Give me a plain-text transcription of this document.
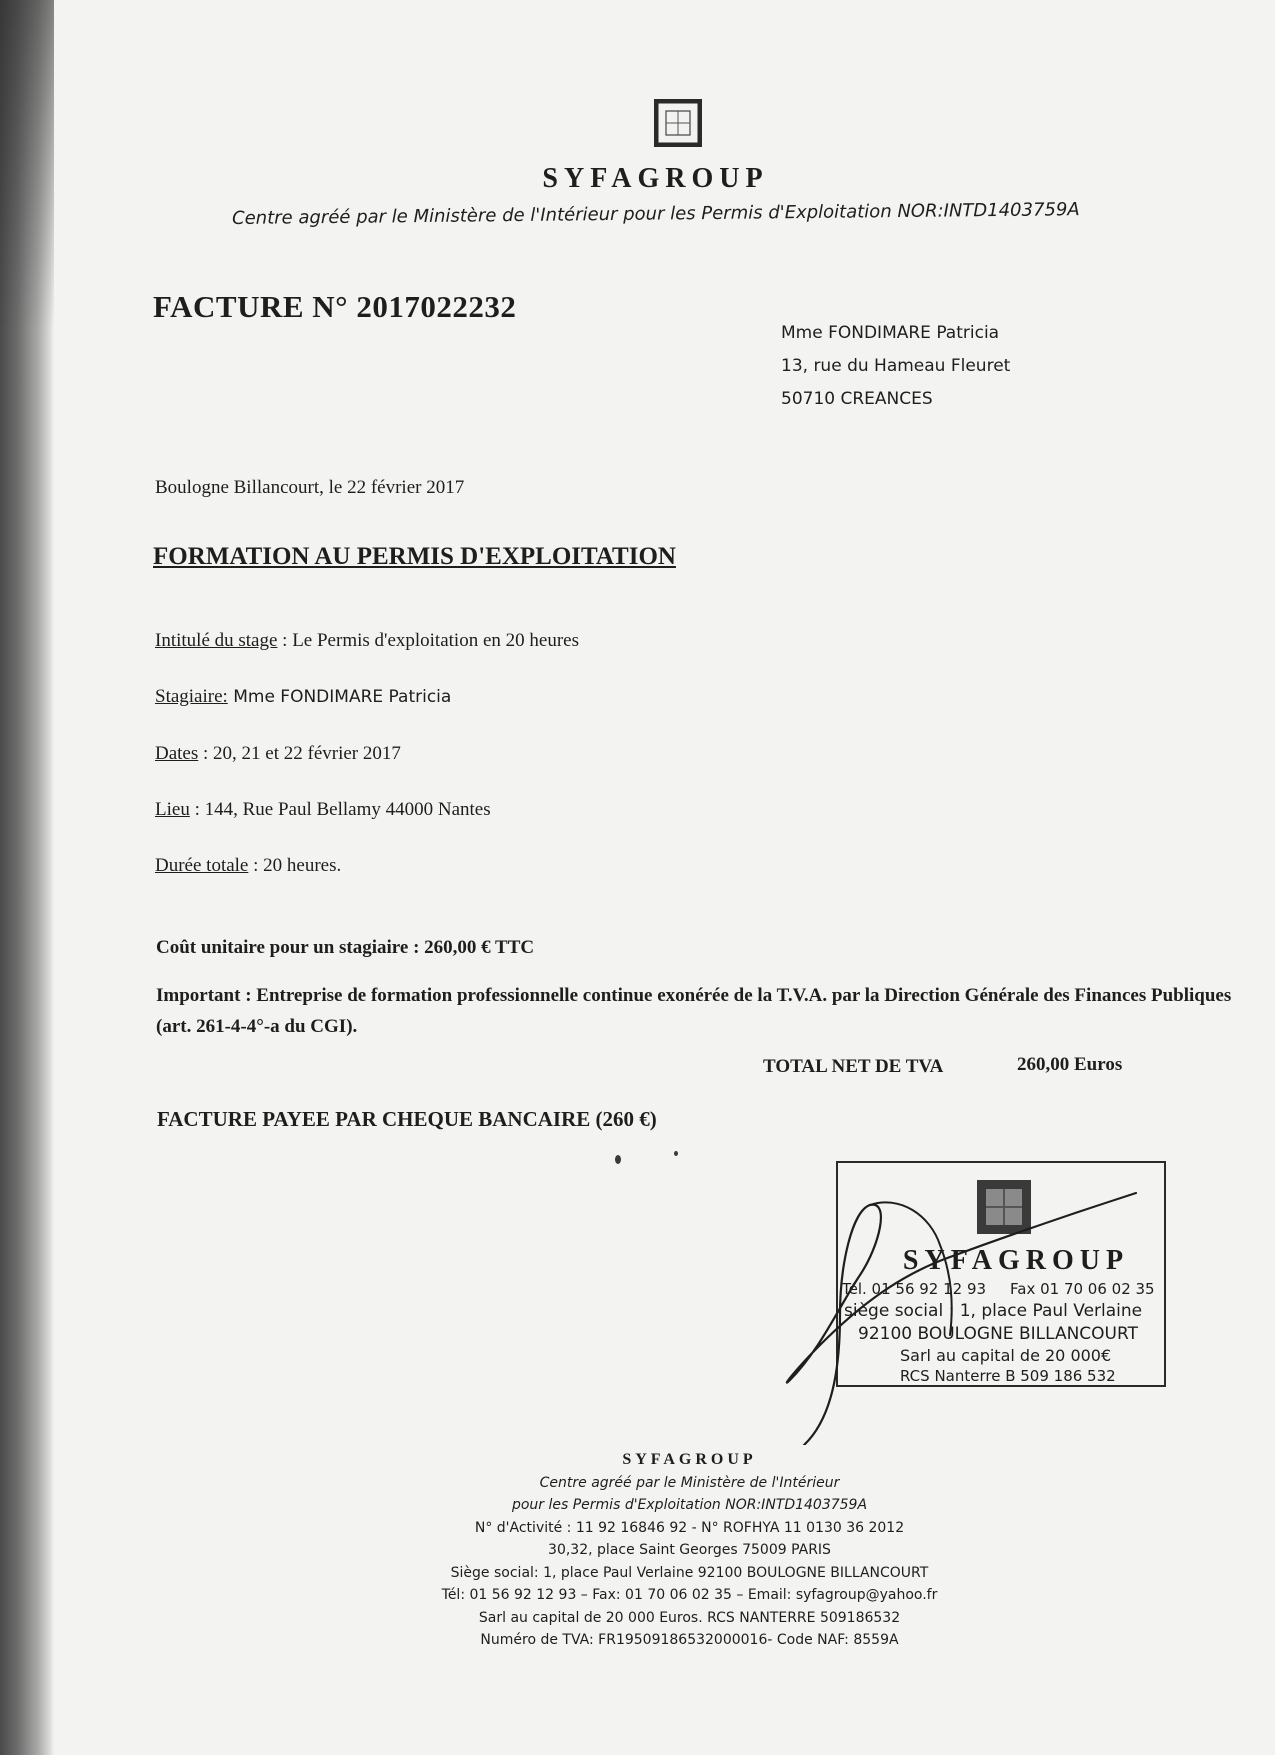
SYFAGROUP
Centre agréé par le Ministère de l'Intérieur pour les Permis d'Exploitation NOR:INTD1403759A
FACTURE N° 2017022232
Mme FONDIMARE Patricia
13, rue du Hameau Fleuret
50710 CREANCES
Boulogne Billancourt, le 22 février 2017
FORMATION AU PERMIS D'EXPLOITATION
Intitulé du stage : Le Permis d'exploitation en 20 heures
Stagiaire: Mme FONDIMARE Patricia
Dates : 20, 21 et 22 février 2017
Lieu : 144, Rue Paul Bellamy 44000 Nantes
Durée totale : 20 heures.
Coût unitaire pour un stagiaire : 260,00 € TTC
Important : Entreprise de formation professionnelle continue exonérée de la T.V.A. par la Direction Générale des Finances Publiques (art. 261-4-4°-a du CGI).
TOTAL NET DE TVA	260,00 Euros
FACTURE PAYEE PAR CHEQUE BANCAIRE (260 €)
SYFAGROUP
Tél. 01 56 92 12 93 Fax 01 70 06 02 35
siège social : 1, place Paul Verlaine
92100 BOULOGNE BILLANCOURT
Sarl au capital de 20 000€
RCS Nanterre B 509 186 532
SYFAGROUP
Centre agréé par le Ministère de l'Intérieur
pour les Permis d'Exploitation NOR:INTD1403759A
N° d'Activité : 11 92 16846 92 - N° ROFHYA 11 0130 36 2012
30,32, place Saint Georges 75009 PARIS
Siège social: 1, place Paul Verlaine 92100 BOULOGNE BILLANCOURT
Tél: 01 56 92 12 93 – Fax: 01 70 06 02 35 – Email: syfagroup@yahoo.fr
Sarl au capital de 20 000 Euros. RCS NANTERRE 509186532
Numéro de TVA: FR19509186532000016- Code NAF: 8559A
